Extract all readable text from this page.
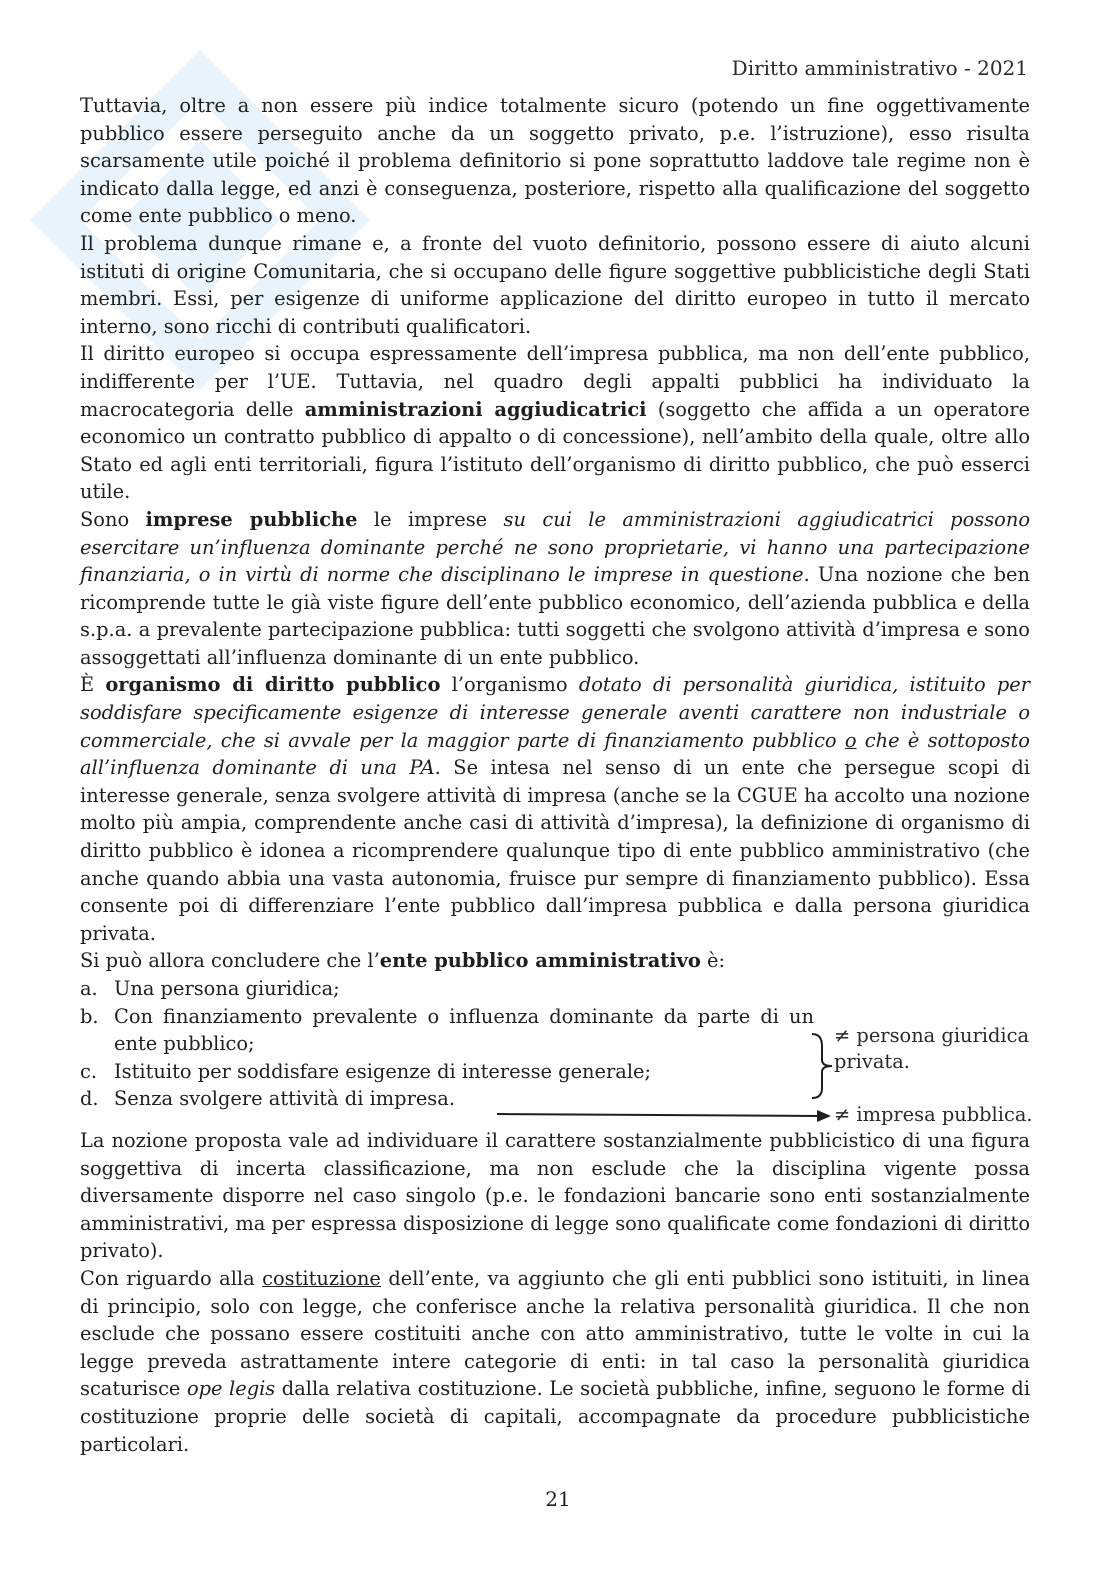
Diritto amministrativo - 2021

Tuttavia, oltre a non essere più indice totalmente sicuro (potendo un fine oggettivamente pubblico essere perseguito anche da un soggetto privato, p.e. l’istruzione), esso risulta scarsamente utile poiché il problema definitorio si pone soprattutto laddove tale regime non è indicato dalla legge, ed anzi è conseguenza, posteriore, rispetto alla qualificazione del soggetto come ente pubblico o meno.

Il problema dunque rimane e, a fronte del vuoto definitorio, possono essere di aiuto alcuni istituti di origine Comunitaria, che si occupano delle figure soggettive pubblicistiche degli Stati membri. Essi, per esigenze di uniforme applicazione del diritto europeo in tutto il mercato interno, sono ricchi di contributi qualificatori.

Il diritto europeo si occupa espressamente dell’impresa pubblica, ma non dell’ente pubblico, indifferente per l’UE. Tuttavia, nel quadro degli appalti pubblici ha individuato la macrocategoria delle amministrazioni aggiudicatrici (soggetto che affida a un operatore economico un contratto pubblico di appalto o di concessione), nell’ambito della quale, oltre allo Stato ed agli enti territoriali, figura l’istituto dell’organismo di diritto pubblico, che può esserci utile.

Sono imprese pubbliche le imprese su cui le amministrazioni aggiudicatrici possono esercitare un’influenza dominante perché ne sono proprietarie, vi hanno una partecipazione finanziaria, o in virtù di norme che disciplinano le imprese in questione. Una nozione che ben ricomprende tutte le già viste figure dell’ente pubblico economico, dell’azienda pubblica e della s.p.a. a prevalente partecipazione pubblica: tutti soggetti che svolgono attività d’impresa e sono assoggettati all’influenza dominante di un ente pubblico.

È organismo di diritto pubblico l’organismo dotato di personalità giuridica, istituito per soddisfare specificamente esigenze di interesse generale aventi carattere non industriale o commerciale, che si avvale per la maggior parte di finanziamento pubblico o che è sottoposto all’influenza dominante di una PA. Se intesa nel senso di un ente che persegue scopi di interesse generale, senza svolgere attività di impresa (anche se la CGUE ha accolto una nozione molto più ampia, comprendente anche casi di attività d’impresa), la definizione di organismo di diritto pubblico è idonea a ricomprendere qualunque tipo di ente pubblico amministrativo (che anche quando abbia una vasta autonomia, fruisce pur sempre di finanziamento pubblico). Essa consente poi di differenziare l’ente pubblico dall’impresa pubblica e dalla persona giuridica privata.

Si può allora concludere che l’ente pubblico amministrativo è:

a. Una persona giuridica;
b. Con finanziamento prevalente o influenza dominante da parte di un ente pubblico;
c. Istituito per soddisfare esigenze di interesse generale;
d. Senza svolgere attività di impresa.

La nozione proposta vale ad individuare il carattere sostanzialmente pubblicistico di una figura soggettiva di incerta classificazione, ma non esclude che la disciplina vigente possa diversamente disporre nel caso singolo (p.e. le fondazioni bancarie sono enti sostanzialmente amministrativi, ma per espressa disposizione di legge sono qualificate come fondazioni di diritto privato).

Con riguardo alla costituzione dell’ente, va aggiunto che gli enti pubblici sono istituiti, in linea di principio, solo con legge, che conferisce anche la relativa personalità giuridica. Il che non esclude che possano essere costituiti anche con atto amministrativo, tutte le volte in cui la legge preveda astrattamente intere categorie di enti: in tal caso la personalità giuridica scaturisce ope legis dalla relativa costituzione. Le società pubbliche, infine, seguono le forme di costituzione proprie delle società di capitali, accompagnate da procedure pubblicistiche particolari.

≠ persona giuridica
privata.
≠ impresa pubblica.
21
